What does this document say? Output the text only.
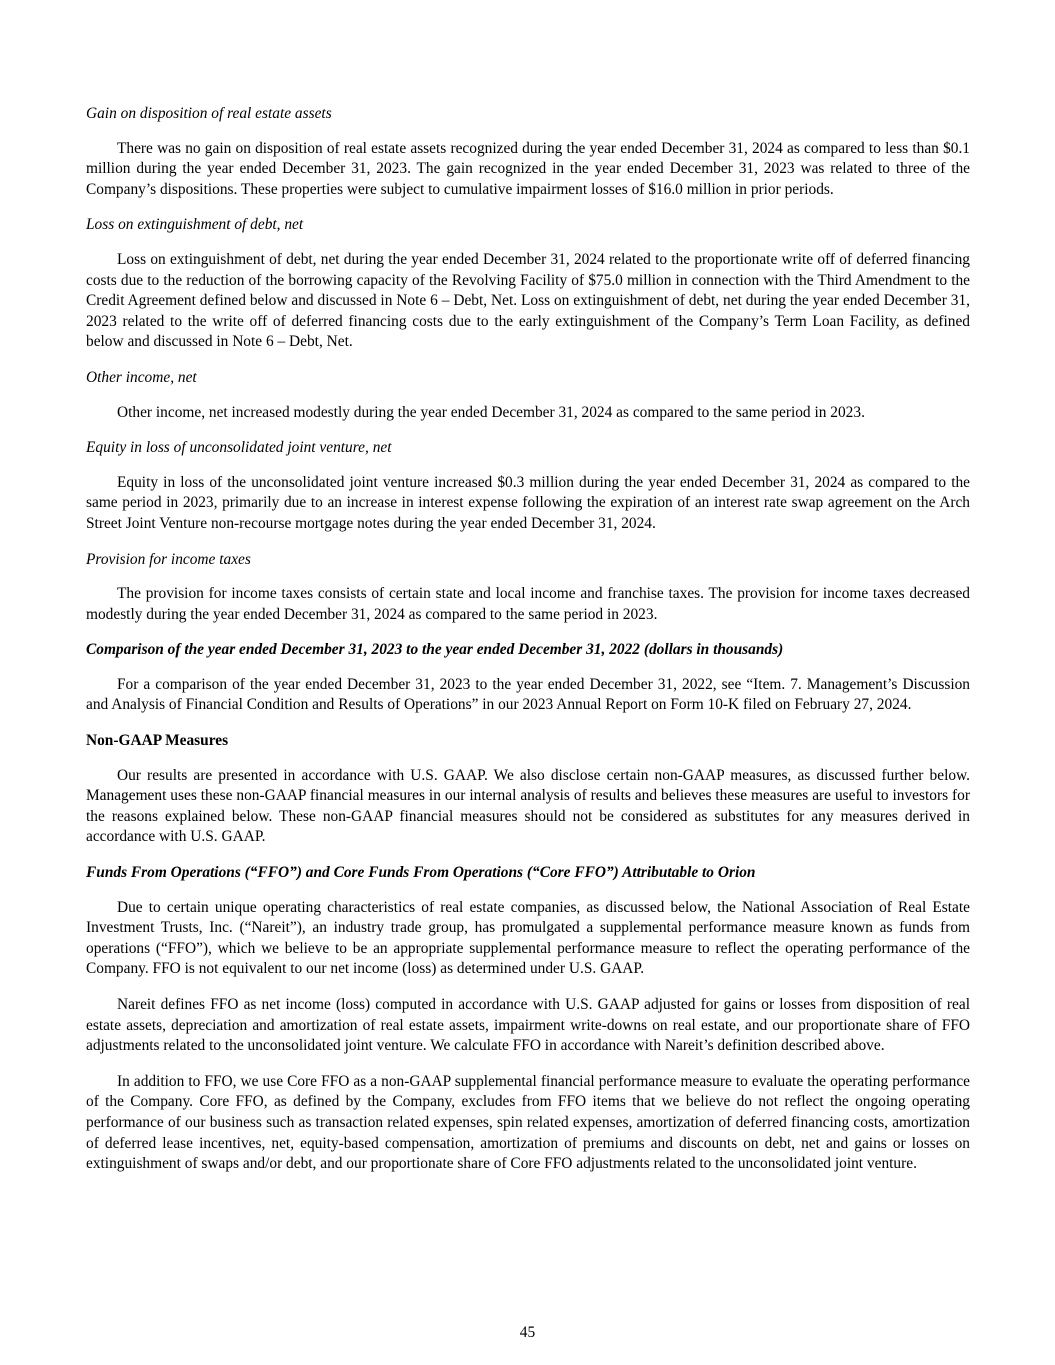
Gain on disposition of real estate assets

There was no gain on disposition of real estate assets recognized during the year ended December 31, 2024 as compared to less than $0.1 million during the year ended December 31, 2023. The gain recognized in the year ended December 31, 2023 was related to three of the Company’s dispositions. These properties were subject to cumulative impairment losses of $16.0 million in prior periods.

Loss on extinguishment of debt, net

Loss on extinguishment of debt, net during the year ended December 31, 2024 related to the proportionate write off of deferred financing costs due to the reduction of the borrowing capacity of the Revolving Facility of $75.0 million in connection with the Third Amendment to the Credit Agreement defined below and discussed in Note 6 – Debt, Net. Loss on extinguishment of debt, net during the year ended December 31, 2023 related to the write off of deferred financing costs due to the early extinguishment of the Company’s Term Loan Facility, as defined below and discussed in Note 6 – Debt, Net.

Other income, net

Other income, net increased modestly during the year ended December 31, 2024 as compared to the same period in 2023.

Equity in loss of unconsolidated joint venture, net

Equity in loss of the unconsolidated joint venture increased $0.3 million during the year ended December 31, 2024 as compared to the same period in 2023, primarily due to an increase in interest expense following the expiration of an interest rate swap agreement on the Arch Street Joint Venture non-recourse mortgage notes during the year ended December 31, 2024.

Provision for income taxes

The provision for income taxes consists of certain state and local income and franchise taxes. The provision for income taxes decreased modestly during the year ended December 31, 2024 as compared to the same period in 2023.

Comparison of the year ended December 31, 2023 to the year ended December 31, 2022 (dollars in thousands)

For a comparison of the year ended December 31, 2023 to the year ended December 31, 2022, see “Item. 7. Management’s Discussion and Analysis of Financial Condition and Results of Operations” in our 2023 Annual Report on Form 10-K filed on February 27, 2024.

Non-GAAP Measures

Our results are presented in accordance with U.S. GAAP. We also disclose certain non-GAAP measures, as discussed further below. Management uses these non-GAAP financial measures in our internal analysis of results and believes these measures are useful to investors for the reasons explained below. These non-GAAP financial measures should not be considered as substitutes for any measures derived in accordance with U.S. GAAP.

Funds From Operations (“FFO”) and Core Funds From Operations (“Core FFO”) Attributable to Orion

Due to certain unique operating characteristics of real estate companies, as discussed below, the National Association of Real Estate Investment Trusts, Inc. (“Nareit”), an industry trade group, has promulgated a supplemental performance measure known as funds from operations (“FFO”), which we believe to be an appropriate supplemental performance measure to reflect the operating performance of the Company. FFO is not equivalent to our net income (loss) as determined under U.S. GAAP.

Nareit defines FFO as net income (loss) computed in accordance with U.S. GAAP adjusted for gains or losses from disposition of real estate assets, depreciation and amortization of real estate assets, impairment write-downs on real estate, and our proportionate share of FFO adjustments related to the unconsolidated joint venture. We calculate FFO in accordance with Nareit’s definition described above.

In addition to FFO, we use Core FFO as a non-GAAP supplemental financial performance measure to evaluate the operating performance of the Company. Core FFO, as defined by the Company, excludes from FFO items that we believe do not reflect the ongoing operating performance of our business such as transaction related expenses, spin related expenses, amortization of deferred financing costs, amortization of deferred lease incentives, net, equity-based compensation, amortization of premiums and discounts on debt, net and gains or losses on extinguishment of swaps and/or debt, and our proportionate share of Core FFO adjustments related to the unconsolidated joint venture.

45
